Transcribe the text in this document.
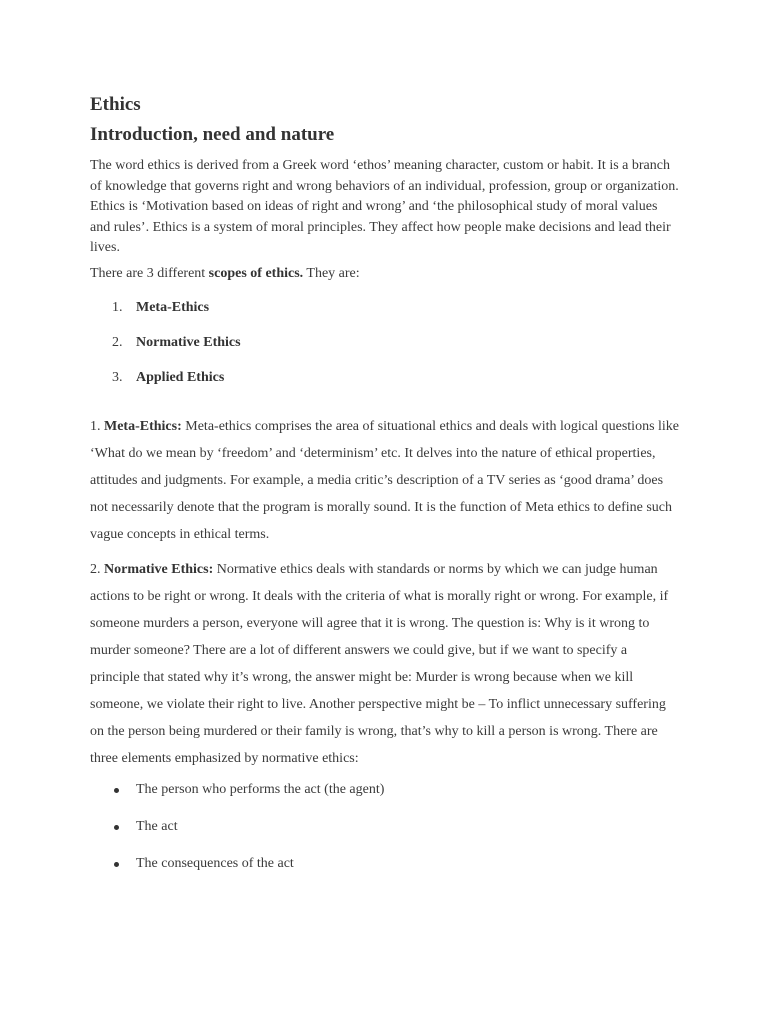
Ethics
Introduction, need and nature

The word ethics is derived from a Greek word ‘ethos’ meaning character, custom or habit. It is a branch of knowledge that governs right and wrong behaviors of an individual, profession, group or organization. Ethics is ‘Motivation based on ideas of right and wrong’ and ‘the philosophical study of moral values and rules’. Ethics is a system of moral principles. They affect how people make decisions and lead their lives.

There are 3 different scopes of ethics. They are:

1. Meta-Ethics
2. Normative Ethics
3. Applied Ethics

1. Meta-Ethics: Meta-ethics comprises the area of situational ethics and deals with logical questions like ‘What do we mean by ‘freedom’ and ‘determinism’ etc. It delves into the nature of ethical properties, attitudes and judgments. For example, a media critic’s description of a TV series as ‘good drama’ does not necessarily denote that the program is morally sound. It is the function of Meta ethics to define such vague concepts in ethical terms.

2. Normative Ethics: Normative ethics deals with standards or norms by which we can judge human actions to be right or wrong. It deals with the criteria of what is morally right or wrong. For example, if someone murders a person, everyone will agree that it is wrong. The question is: Why is it wrong to murder someone? There are a lot of different answers we could give, but if we want to specify a principle that stated why it’s wrong, the answer might be: Murder is wrong because when we kill someone, we violate their right to live. Another perspective might be – To inflict unnecessary suffering on the person being murdered or their family is wrong, that’s why to kill a person is wrong. There are three elements emphasized by normative ethics:

The person who performs the act (the agent)
The act
The consequences of the act
